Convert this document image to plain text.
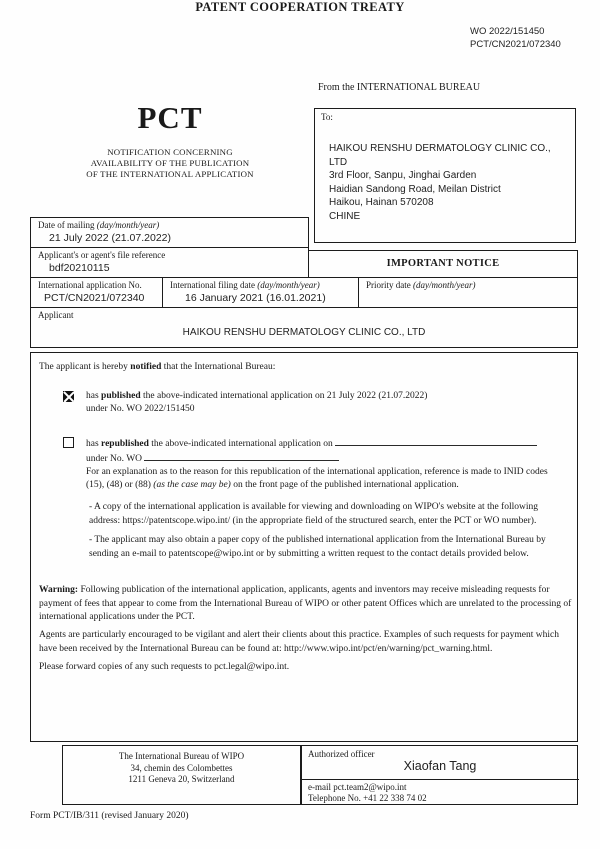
PATENT COOPERATION TREATY
WO 2022/151450
PCT/CN2021/072340
From the INTERNATIONAL BUREAU
PCT
NOTIFICATION CONCERNING
AVAILABILITY OF THE PUBLICATION
OF THE INTERNATIONAL APPLICATION
To:
HAIKOU RENSHU DERMATOLOGY CLINIC CO.,
LTD
3rd Floor, Sanpu, Jinghai Garden
Haidian Sandong Road, Meilan District
Haikou, Hainan 570208
CHINE
Date of mailing (day/month/year)
21 July 2022 (21.07.2022)
Applicant's or agent's file reference
bdf20210115	IMPORTANT NOTICE
International application No.
PCT/CN2021/072340
International filing date (day/month/year)
16 January 2021 (16.01.2021)
Priority date (day/month/year)
Applicant
HAIKOU RENSHU DERMATOLOGY CLINIC CO., LTD
The applicant is hereby notified that the International Bureau:
has published the above-indicated international application on 21 July 2022 (21.07.2022)
under No. WO 2022/151450
has republished the above-indicated international application on
under No. WO
For an explanation as to the reason for this republication of the international application, reference is made to INID codes (15), (48) or (88) (as the case may be) on the front page of the published international application.
- A copy of the international application is available for viewing and downloading on WIPO's website at the following address: https://patentscope.wipo.int/ (in the appropriate field of the structured search, enter the PCT or WO number).
- The applicant may also obtain a paper copy of the published international application from the International Bureau by sending an e-mail to patentscope@wipo.int or by submitting a written request to the contact details provided below.
Warning: Following publication of the international application, applicants, agents and inventors may receive misleading requests for payment of fees that appear to come from the International Bureau of WIPO or other patent Offices which are unrelated to the processing of international applications under the PCT.
Agents are particularly encouraged to be vigilant and alert their clients about this practice. Examples of such requests for payment which have been received by the International Bureau can be found at: http://www.wipo.int/pct/en/warning/pct_warning.html.
Please forward copies of any such requests to pct.legal@wipo.int.
The International Bureau of WIPO
34, chemin des Colombettes
1211 Geneva 20, Switzerland
Authorized officer
Xiaofan Tang
e-mail pct.team2@wipo.int
Telephone No. +41 22 338 74 02
Form PCT/IB/311 (revised January 2020)
